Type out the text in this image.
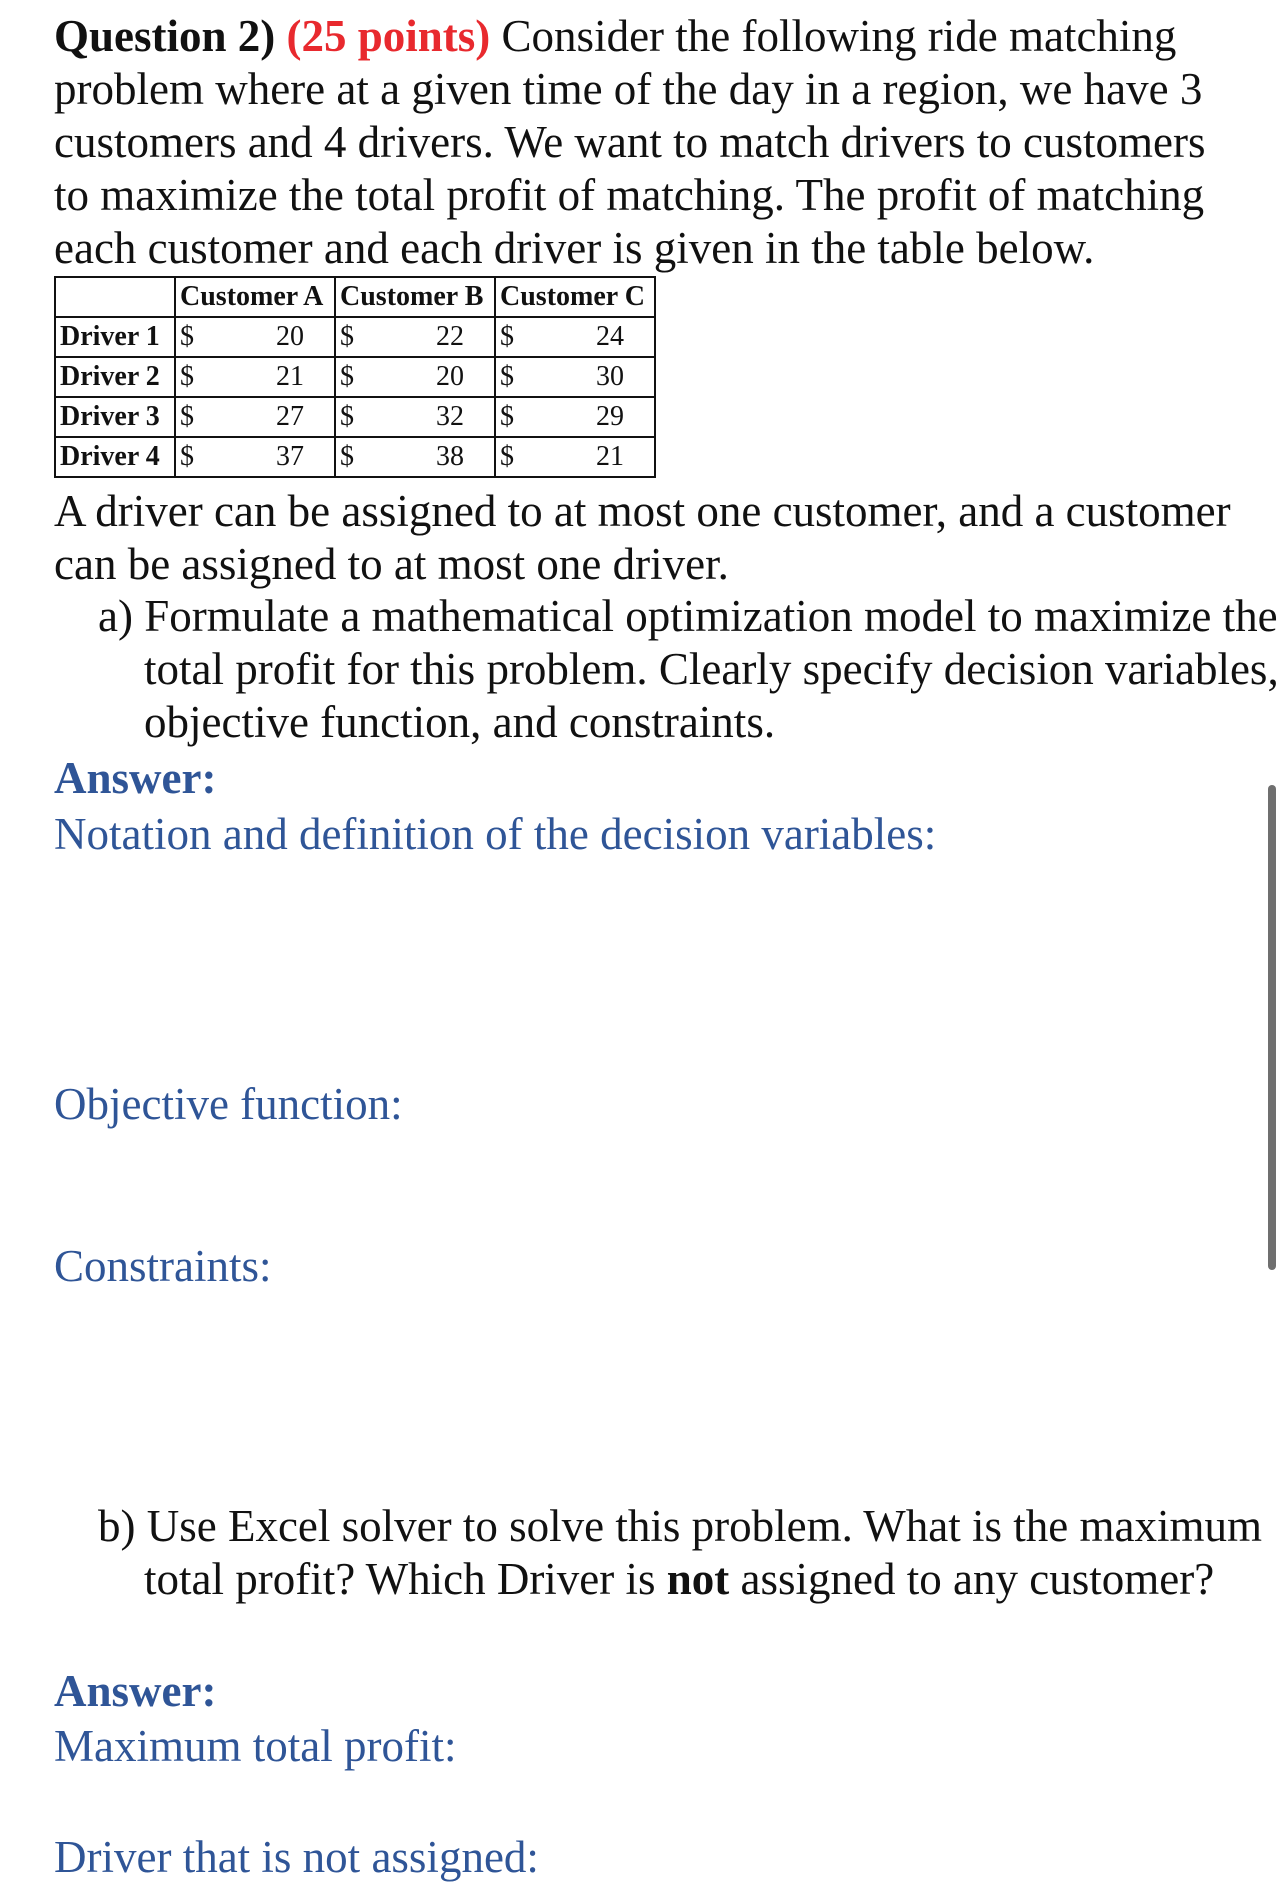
Question 2) (25 points) Consider the following ride matching problem where at a given time of the day in a region, we have 3 customers and 4 drivers. We want to match drivers to customers to maximize the total profit of matching. The profit of matching each customer and each driver is given in the table below.
	Customer A	Customer B	Customer C
Driver 1	$ 20	$ 22	$ 24

Driver 2	$ 21	$ 20	$ 30

Driver 3	$ 27	$ 32	$ 29

Driver 4	$ 37	$ 38	$ 21
A driver can be assigned to at most one customer, and a customer can be assigned to at most one driver.
a) Formulate a mathematical optimization model to maximize the total profit for this problem. Clearly specify decision variables, objective function, and constraints.
Answer:
Notation and definition of the decision variables:
Objective function:
Constraints:
b) Use Excel solver to solve this problem. What is the maximum total profit? Which Driver is not assigned to any customer?
Answer:
Maximum total profit:
Driver that is not assigned:
